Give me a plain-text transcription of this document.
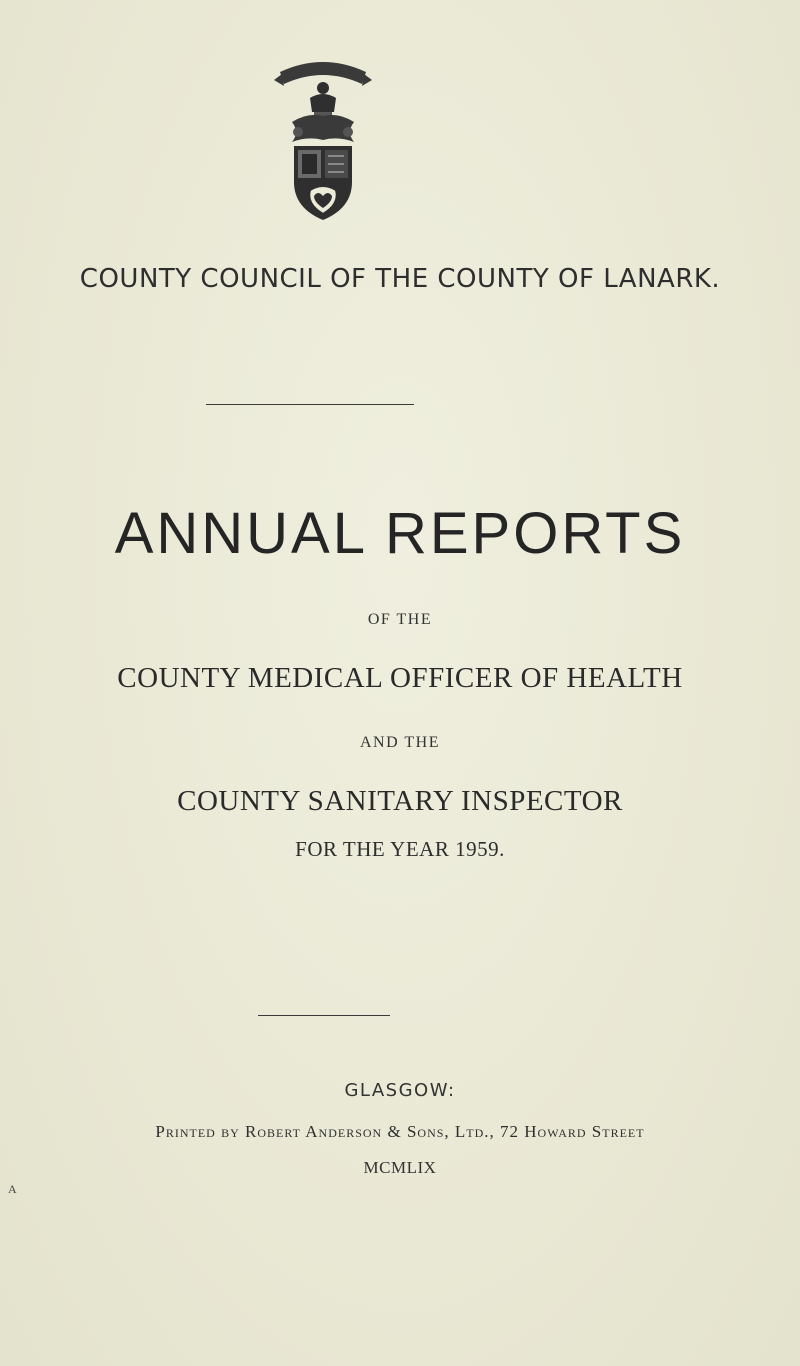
COUNTY COUNCIL OF THE COUNTY OF LANARK.
ANNUAL REPORTS
OF THE
COUNTY MEDICAL OFFICER OF HEALTH
AND THE
COUNTY SANITARY INSPECTOR
FOR THE YEAR 1959.
GLASGOW:
Printed by Robert Anderson & Sons, Ltd., 72 Howard Street
MCMLIX
A
